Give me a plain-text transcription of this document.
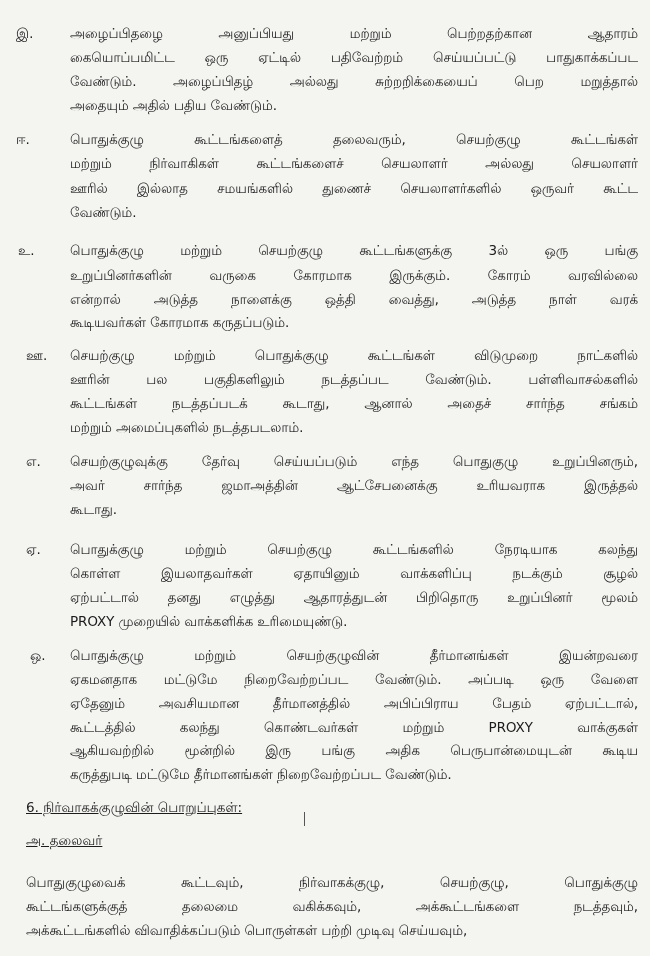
இ.	அழைப்பிதழை அனுப்பியது மற்றும் பெற்றதற்கான ஆதாரம்
கையொப்பமிட்ட ஒரு ஏட்டில் பதிவேற்றம் செய்யப்பட்டு பாதுகாக்கப்பட
வேண்டும். அழைப்பிதழ் அல்லது சுற்றறிக்கையைப் பெற மறுத்தால்
அதையும் அதில் பதிய வேண்டும்.
ஈ.	பொதுக்குழு கூட்டங்களைத் தலைவரும், செயற்குழு கூட்டங்கள்
மற்றும் நிர்வாகிகள் கூட்டங்களைச் செயலாளர் அல்லது செயலாளர்
ஊரில் இல்லாத சமயங்களில் துணைச் செயலாளர்களில் ஒருவர் கூட்ட
வேண்டும்.
உ.	பொதுக்குழு மற்றும் செயற்குழு கூட்டங்களுக்கு 3ல் ஒரு பங்கு
உறுப்பினர்களின் வருகை கோரமாக இருக்கும். கோரம் வரவில்லை
என்றால் அடுத்த நாளைக்கு ஒத்தி வைத்து, அடுத்த நாள் வரக்
கூடியவர்கள் கோரமாக கருதப்படும்.
ஊ. செயற்குழு மற்றும் பொதுக்குழு கூட்டங்கள் விடுமுறை நாட்களில்
ஊரின் பல பகுதிகளிலும் நடத்தப்பட வேண்டும். பள்ளிவாசல்களில்
கூட்டங்கள் நடத்தப்படக் கூடாது, ஆனால் அதைச் சார்ந்த சங்கம்
மற்றும் அமைப்புகளில் நடத்தபடலாம்.
எ. செயற்குழுவுக்கு தேர்வு செய்யப்படும் எந்த பொதுகுழு உறுப்பினரும்,
அவர் சார்ந்த ஜமாஅத்தின் ஆட்சேபனைக்கு உரியவராக இருத்தல்
கூடாது.
ஏ. பொதுக்குழு மற்றும் செயற்குழு கூட்டங்களில் நேரடியாக கலந்து
கொள்ள இயலாதவர்கள் ஏதாயினும் வாக்களிப்பு நடக்கும் சூழல்
ஏற்பட்டால் தனது எழுத்து ஆதாரத்துடன் பிறிதொரு உறுப்பினர் மூலம்
PROXY முறையில் வாக்களிக்க உரிமையுண்டு.
ஒ. பொதுக்குழு மற்றும் செயற்குழுவின் தீர்மானங்கள் இயன்றவரை
ஏகமனதாக மட்டுமே நிறைவேற்றப்பட வேண்டும். அப்படி ஒரு வேளை
ஏதேனும் அவசியமான தீர்மானத்தில் அபிப்பிராய பேதம் ஏற்பட்டால்,
கூட்டத்தில் கலந்து கொண்டவர்கள் மற்றும் PROXY வாக்குகள்
ஆகியவற்றில் மூன்றில் இரு பங்கு அதிக பெருபான்மையுடன் கூடிய
கருத்துபடி மட்டுமே தீர்மானங்கள் நிறைவேற்றப்பட வேண்டும்.
6. நிர்வாகக்குழுவின் பொறுப்புகள்:
அ. தலைவர்
பொதுகுழுவைக் கூட்டவும், நிர்வாகக்குழு, செயற்குழு, பொதுக்குழு
கூட்டங்களுக்குத் தலைமை வகிக்கவும், அக்கூட்டங்களை நடத்தவும்,
அக்கூட்டங்களில் விவாதிக்கப்படும் பொருள்கள் பற்றி முடிவு செய்யவும்,
